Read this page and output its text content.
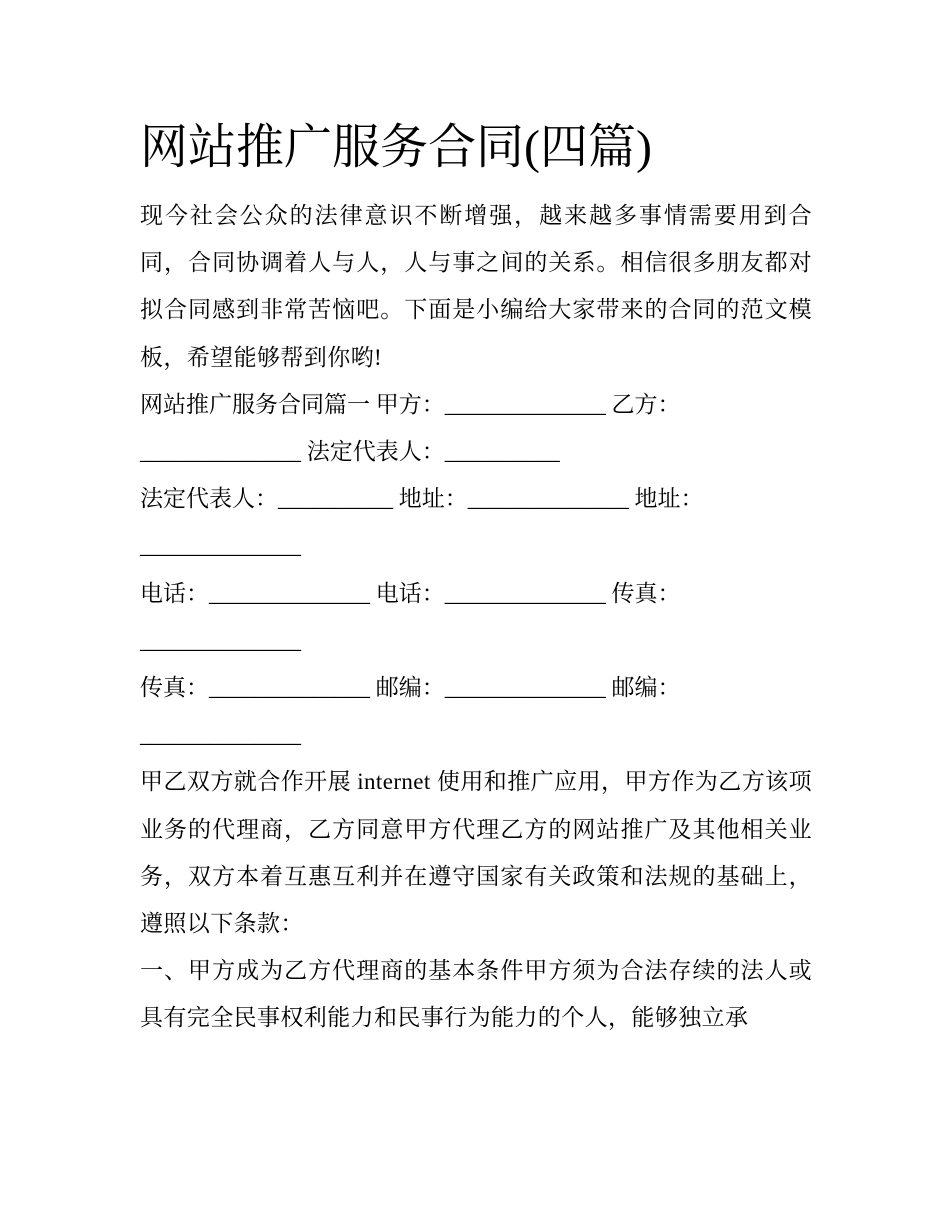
网站推广服务合同(四篇)

现今社会公众的法律意识不断增强，越来越多事情需要用到合同，合同协调着人与人，人与事之间的关系。相信很多朋友都对拟合同感到非常苦恼吧。下面是小编给大家带来的合同的范文模板，希望能够帮到你哟!

网站推广服务合同篇一 甲方：______________ 乙方：

______________ 法定代表人：__________

法定代表人：__________ 地址：______________ 地址：

______________

电话：______________ 电话：______________ 传真：

______________

传真：______________ 邮编：______________ 邮编：

______________

甲乙双方就合作开展 internet 使用和推广应用，甲方作为乙方该项业务的代理商，乙方同意甲方代理乙方的网站推广及其他相关业务，双方本着互惠互利并在遵守国家有关政策和法规的基础上，遵照以下条款：

一、甲方成为乙方代理商的基本条件甲方须为合法存续的法人或具有完全民事权利能力和民事行为能力的个人，能够独立承
